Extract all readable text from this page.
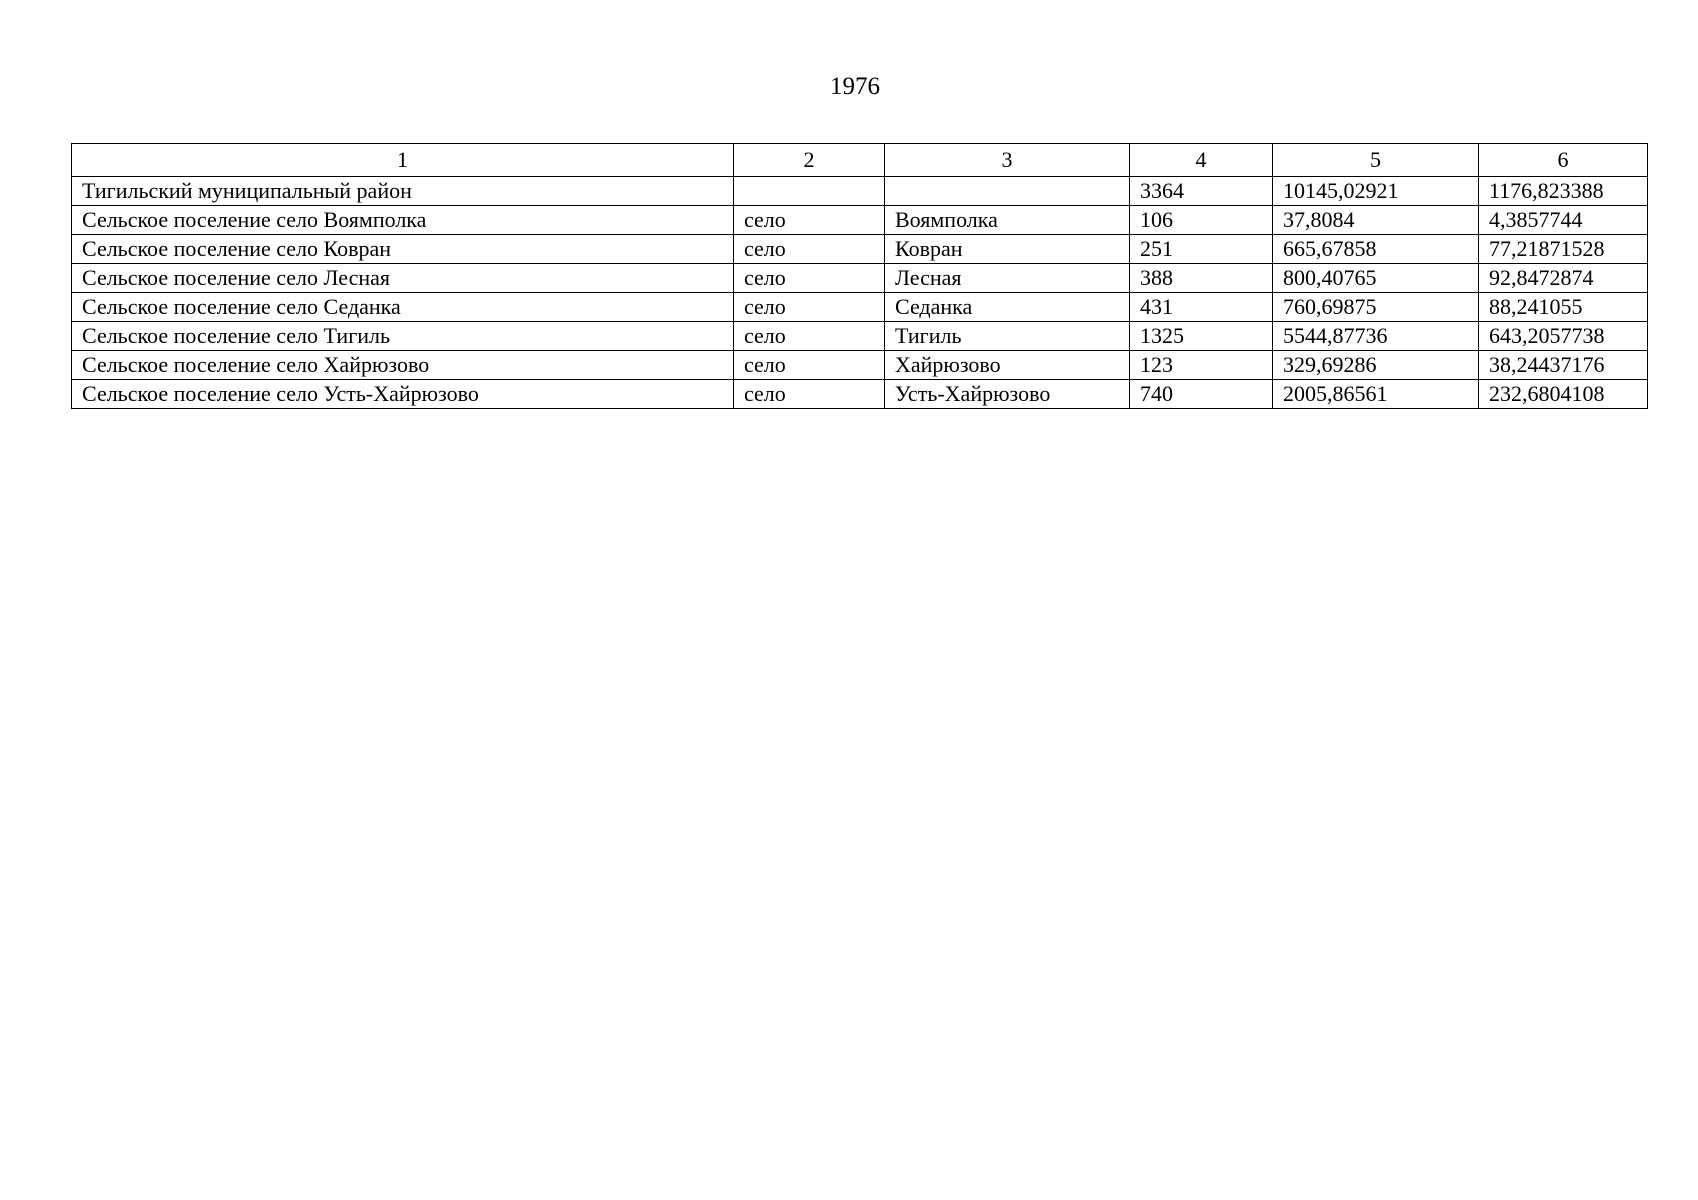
1976
1	2	3	4	5	6
Тигильский муниципальный район			3364	10145,02921	1176,823388
Сельское поселение село Воямполка	село	Воямполка	106	37,8084	4,3857744
Сельское поселение село Ковран	село	Ковран	251	665,67858	77,21871528
Сельское поселение село Лесная	село	Лесная	388	800,40765	92,8472874
Сельское поселение село Седанка	село	Седанка	431	760,69875	88,241055
Сельское поселение село Тигиль	село	Тигиль	1325	5544,87736	643,2057738
Сельское поселение село Хайрюзово	село	Хайрюзово	123	329,69286	38,24437176
Сельское поселение село Усть-Хайрюзово	село	Усть-Хайрюзово	740	2005,86561	232,6804108
